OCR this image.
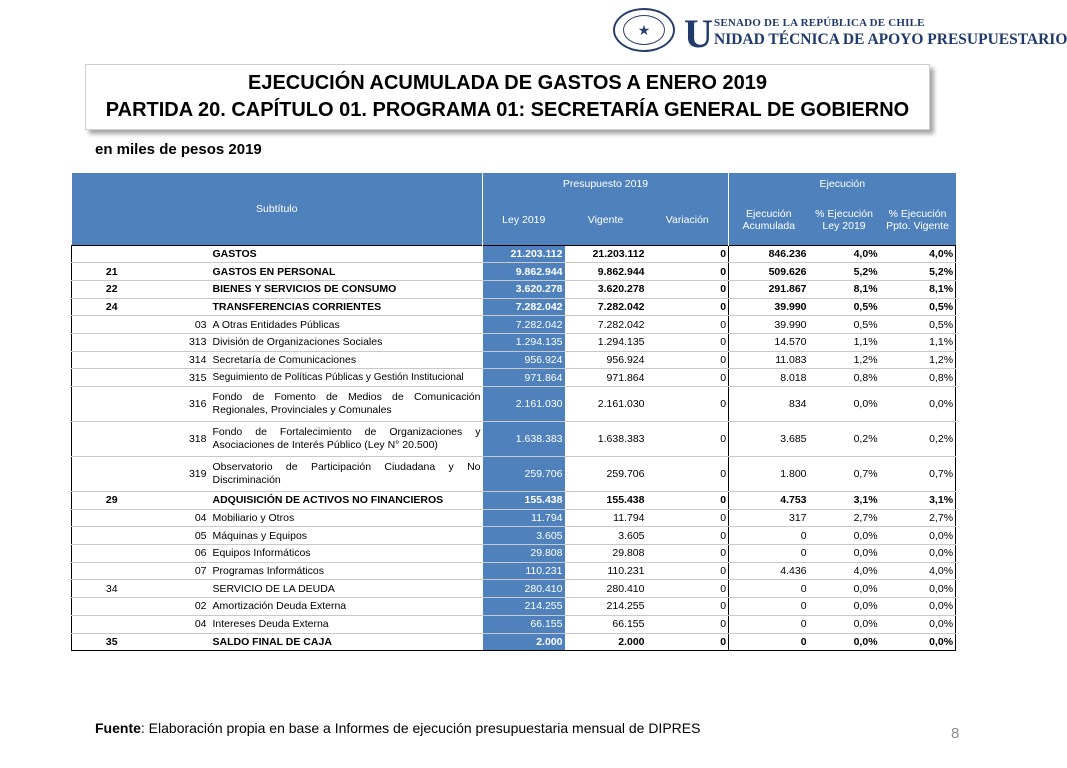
★ U SENADO DE LA REPÚBLICA DE CHILE
NIDAD TÉCNICA DE APOYO PRESUPUESTARIO
EJECUCIÓN ACUMULADA DE GASTOS A ENERO 2019
PARTIDA 20. CAPÍTULO 01. PROGRAMA 01: SECRETARÍA GENERAL DE GOBIERNO
en miles de pesos 2019
Subtítulo			Presupuesto 2019			Ejecución		
			Ley 2019	Vigente	Variación	Ejecución Acumulada	% Ejecución Ley 2019	% Ejecución Ppto. Vigente
		GASTOS	21.203.112	21.203.112	0	846.236	4,0%	4,0%
21		GASTOS EN PERSONAL	9.862.944	9.862.944	0	509.626	5,2%	5,2%
22		BIENES Y SERVICIOS DE CONSUMO	3.620.278	3.620.278	0	291.867	8,1%	8,1%
24		TRANSFERENCIAS CORRIENTES	7.282.042	7.282.042	0	39.990	0,5%	0,5%
	03	A Otras Entidades Públicas	7.282.042	7.282.042	0	39.990	0,5%	0,5%
	313	División de Organizaciones Sociales	1.294.135	1.294.135	0	14.570	1,1%	1,1%
	314	Secretaría de Comunicaciones	956.924	956.924	0	11.083	1,2%	1,2%
	315	Seguimiento de Políticas Públicas y Gestión Institucional	971.864	971.864	0	8.018	0,8%	0,8%
	316	Fondo de Fomento de Medios de Comunicación Regionales, Provinciales y Comunales	2.161.030	2.161.030	0	834	0,0%	0,0%
	318	Fondo de Fortalecimiento de Organizaciones y Asociaciones de Interés Público (Ley N° 20.500)	1.638.383	1.638.383	0	3.685	0,2%	0,2%
	319	Observatorio de Participación Ciudadana y No Discriminación	259.706	259.706	0	1.800	0,7%	0,7%
29		ADQUISICIÓN DE ACTIVOS NO FINANCIEROS	155.438	155.438	0	4.753	3,1%	3,1%
	04	Mobiliario y Otros	11.794	11.794	0	317	2,7%	2,7%
	05	Máquinas y Equipos	3.605	3.605	0	0	0,0%	0,0%
	06	Equipos Informáticos	29.808	29.808	0	0	0,0%	0,0%
	07	Programas Informáticos	110.231	110.231	0	4.436	4,0%	4,0%
34		SERVICIO DE LA DEUDA	280.410	280.410	0	0	0,0%	0,0%
	02	Amortización Deuda Externa	214.255	214.255	0	0	0,0%	0,0%
	04	Intereses Deuda Externa	66.155	66.155	0	0	0,0%	0,0%
35		SALDO FINAL DE CAJA	2.000	2.000	0	0	0,0%	0,0%
Fuente: Elaboración propia en base a Informes de ejecución presupuestaria mensual de DIPRES	8
